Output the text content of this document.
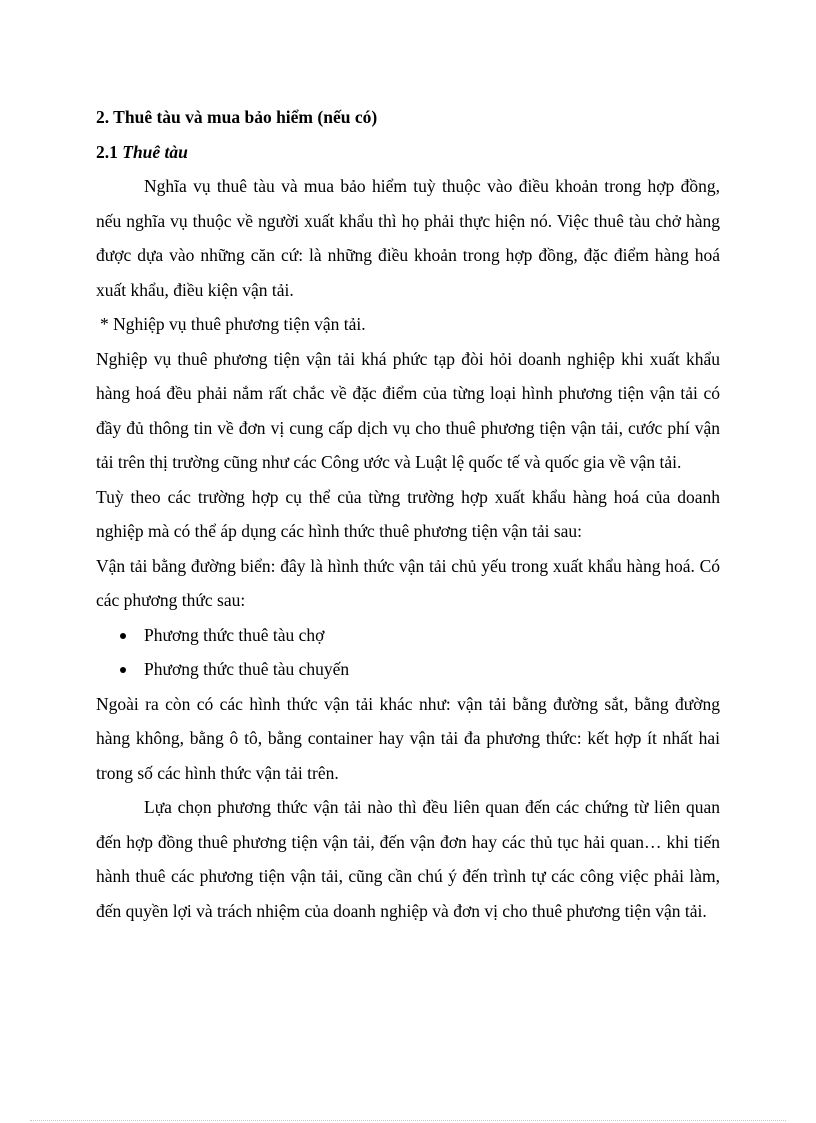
2. Thuê tàu và mua bảo hiểm (nếu có)

2.1 Thuê tàu

Nghĩa vụ thuê tàu và mua bảo hiểm tuỳ thuộc vào điều khoản trong hợp đồng, nếu nghĩa vụ thuộc về người xuất khẩu thì họ phải thực hiện nó. Việc thuê tàu chở hàng được dựa vào những căn cứ: là những điều khoản trong hợp đồng, đặc điểm hàng hoá xuất khẩu, điều kiện vận tải.

* Nghiệp vụ thuê phương tiện vận tải.

Nghiệp vụ thuê phương tiện vận tải khá phức tạp đòi hỏi doanh nghiệp khi xuất khẩu hàng hoá đều phải nắm rất chắc về đặc điểm của từng loại hình phương tiện vận tải có đầy đủ thông tin về đơn vị cung cấp dịch vụ cho thuê phương tiện vận tải, cước phí vận tải trên thị trường cũng như các Công ước và Luật lệ quốc tế và quốc gia về vận tải.

Tuỳ theo các trường hợp cụ thể của từng trường hợp xuất khẩu hàng hoá của doanh nghiệp mà có thể áp dụng các hình thức thuê phương tiện vận tải sau:

Vận tải bằng đường biển: đây là hình thức vận tải chủ yếu trong xuất khẩu hàng hoá. Có các phương thức sau:

Phương thức thuê tàu chợ
Phương thức thuê tàu chuyến

Ngoài ra còn có các hình thức vận tải khác như: vận tải bằng đường sắt, bằng đường hàng không, bằng ô tô, bằng container hay vận tải đa phương thức: kết hợp ít nhất hai trong số các hình thức vận tải trên.

Lựa chọn phương thức vận tải nào thì đều liên quan đến các chứng từ liên quan đến hợp đồng thuê phương tiện vận tải, đến vận đơn hay các thủ tục hải quan… khi tiến hành thuê các phương tiện vận tải, cũng cần chú ý đến trình tự các công việc phải làm, đến quyền lợi và trách nhiệm của doanh nghiệp và đơn vị cho thuê phương tiện vận tải.
